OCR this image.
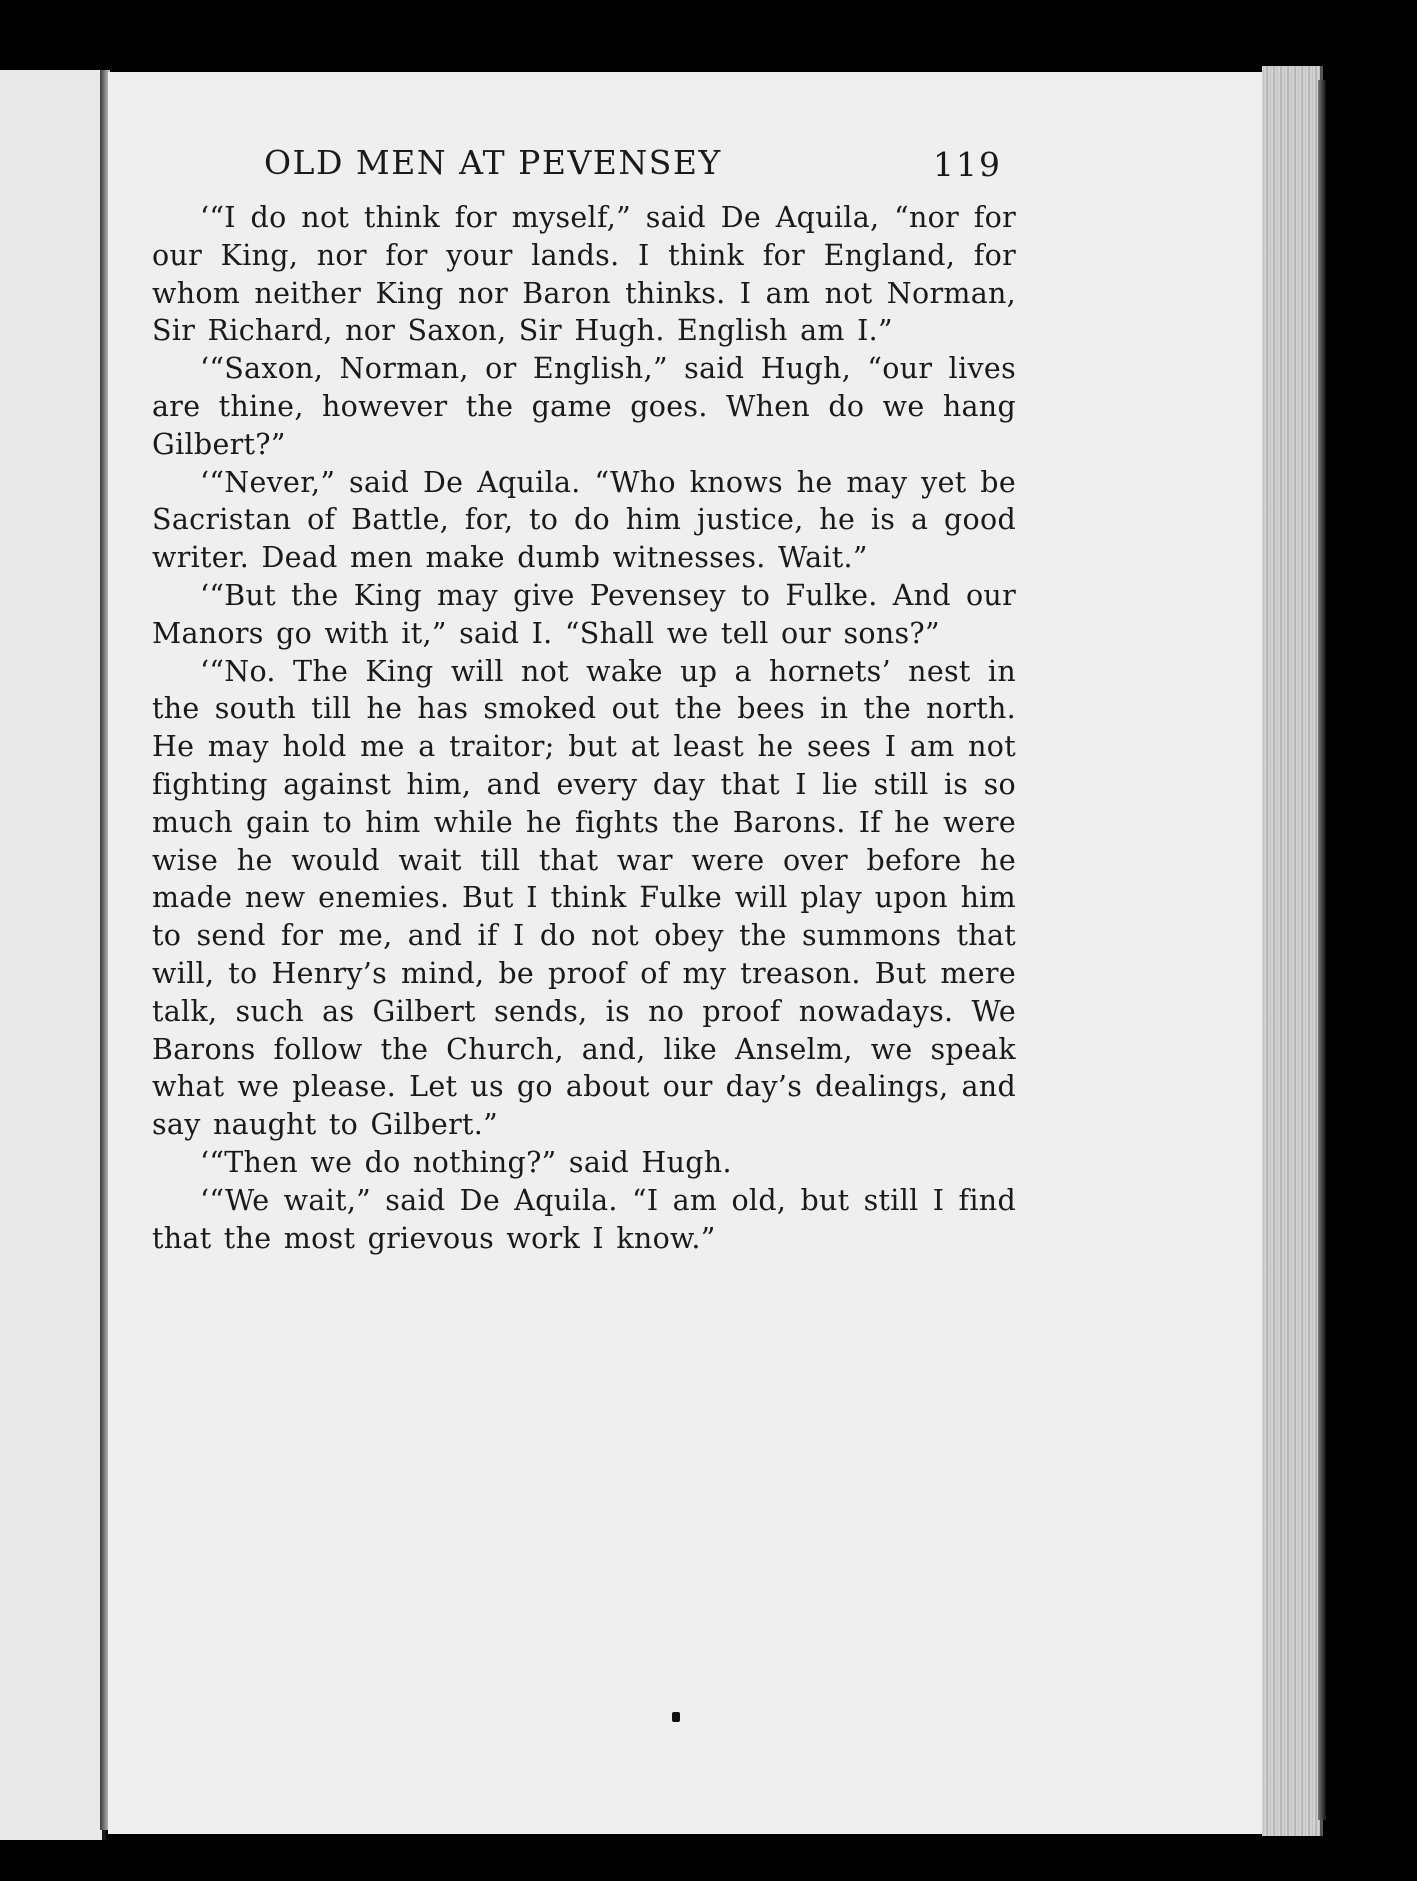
OLD MEN AT PEVENSEY	119

‘“I do not think for myself,” said De Aquila, “nor for our King, nor for your lands. I think for England, for whom neither King nor Baron thinks. I am not Norman, Sir Richard, nor Saxon, Sir Hugh. English am I.”

‘“Saxon, Norman, or English,” said Hugh, “our lives are thine, however the game goes. When do we hang Gilbert?”

‘“Never,” said De Aquila. “Who knows he may yet be Sacristan of Battle, for, to do him justice, he is a good writer. Dead men make dumb witnesses. Wait.”

‘“But the King may give Pevensey to Fulke. And our Manors go with it,” said I. “Shall we tell our sons?”

‘“No. The King will not wake up a hornets’ nest in the south till he has smoked out the bees in the north. He may hold me a traitor; but at least he sees I am not fighting against him, and every day that I lie still is so much gain to him while he fights the Barons. If he were wise he would wait till that war were over before he made new enemies. But I think Fulke will play upon him to send for me, and if I do not obey the summons that will, to Henry’s mind, be proof of my treason. But mere talk, such as Gilbert sends, is no proof nowadays. We Barons follow the Church, and, like Anselm, we speak what we please. Let us go about our day’s dealings, and say naught to Gilbert.”

‘“Then we do nothing?” said Hugh.

‘“We wait,” said De Aquila. “I am old, but still I find that the most grievous work I know.”
